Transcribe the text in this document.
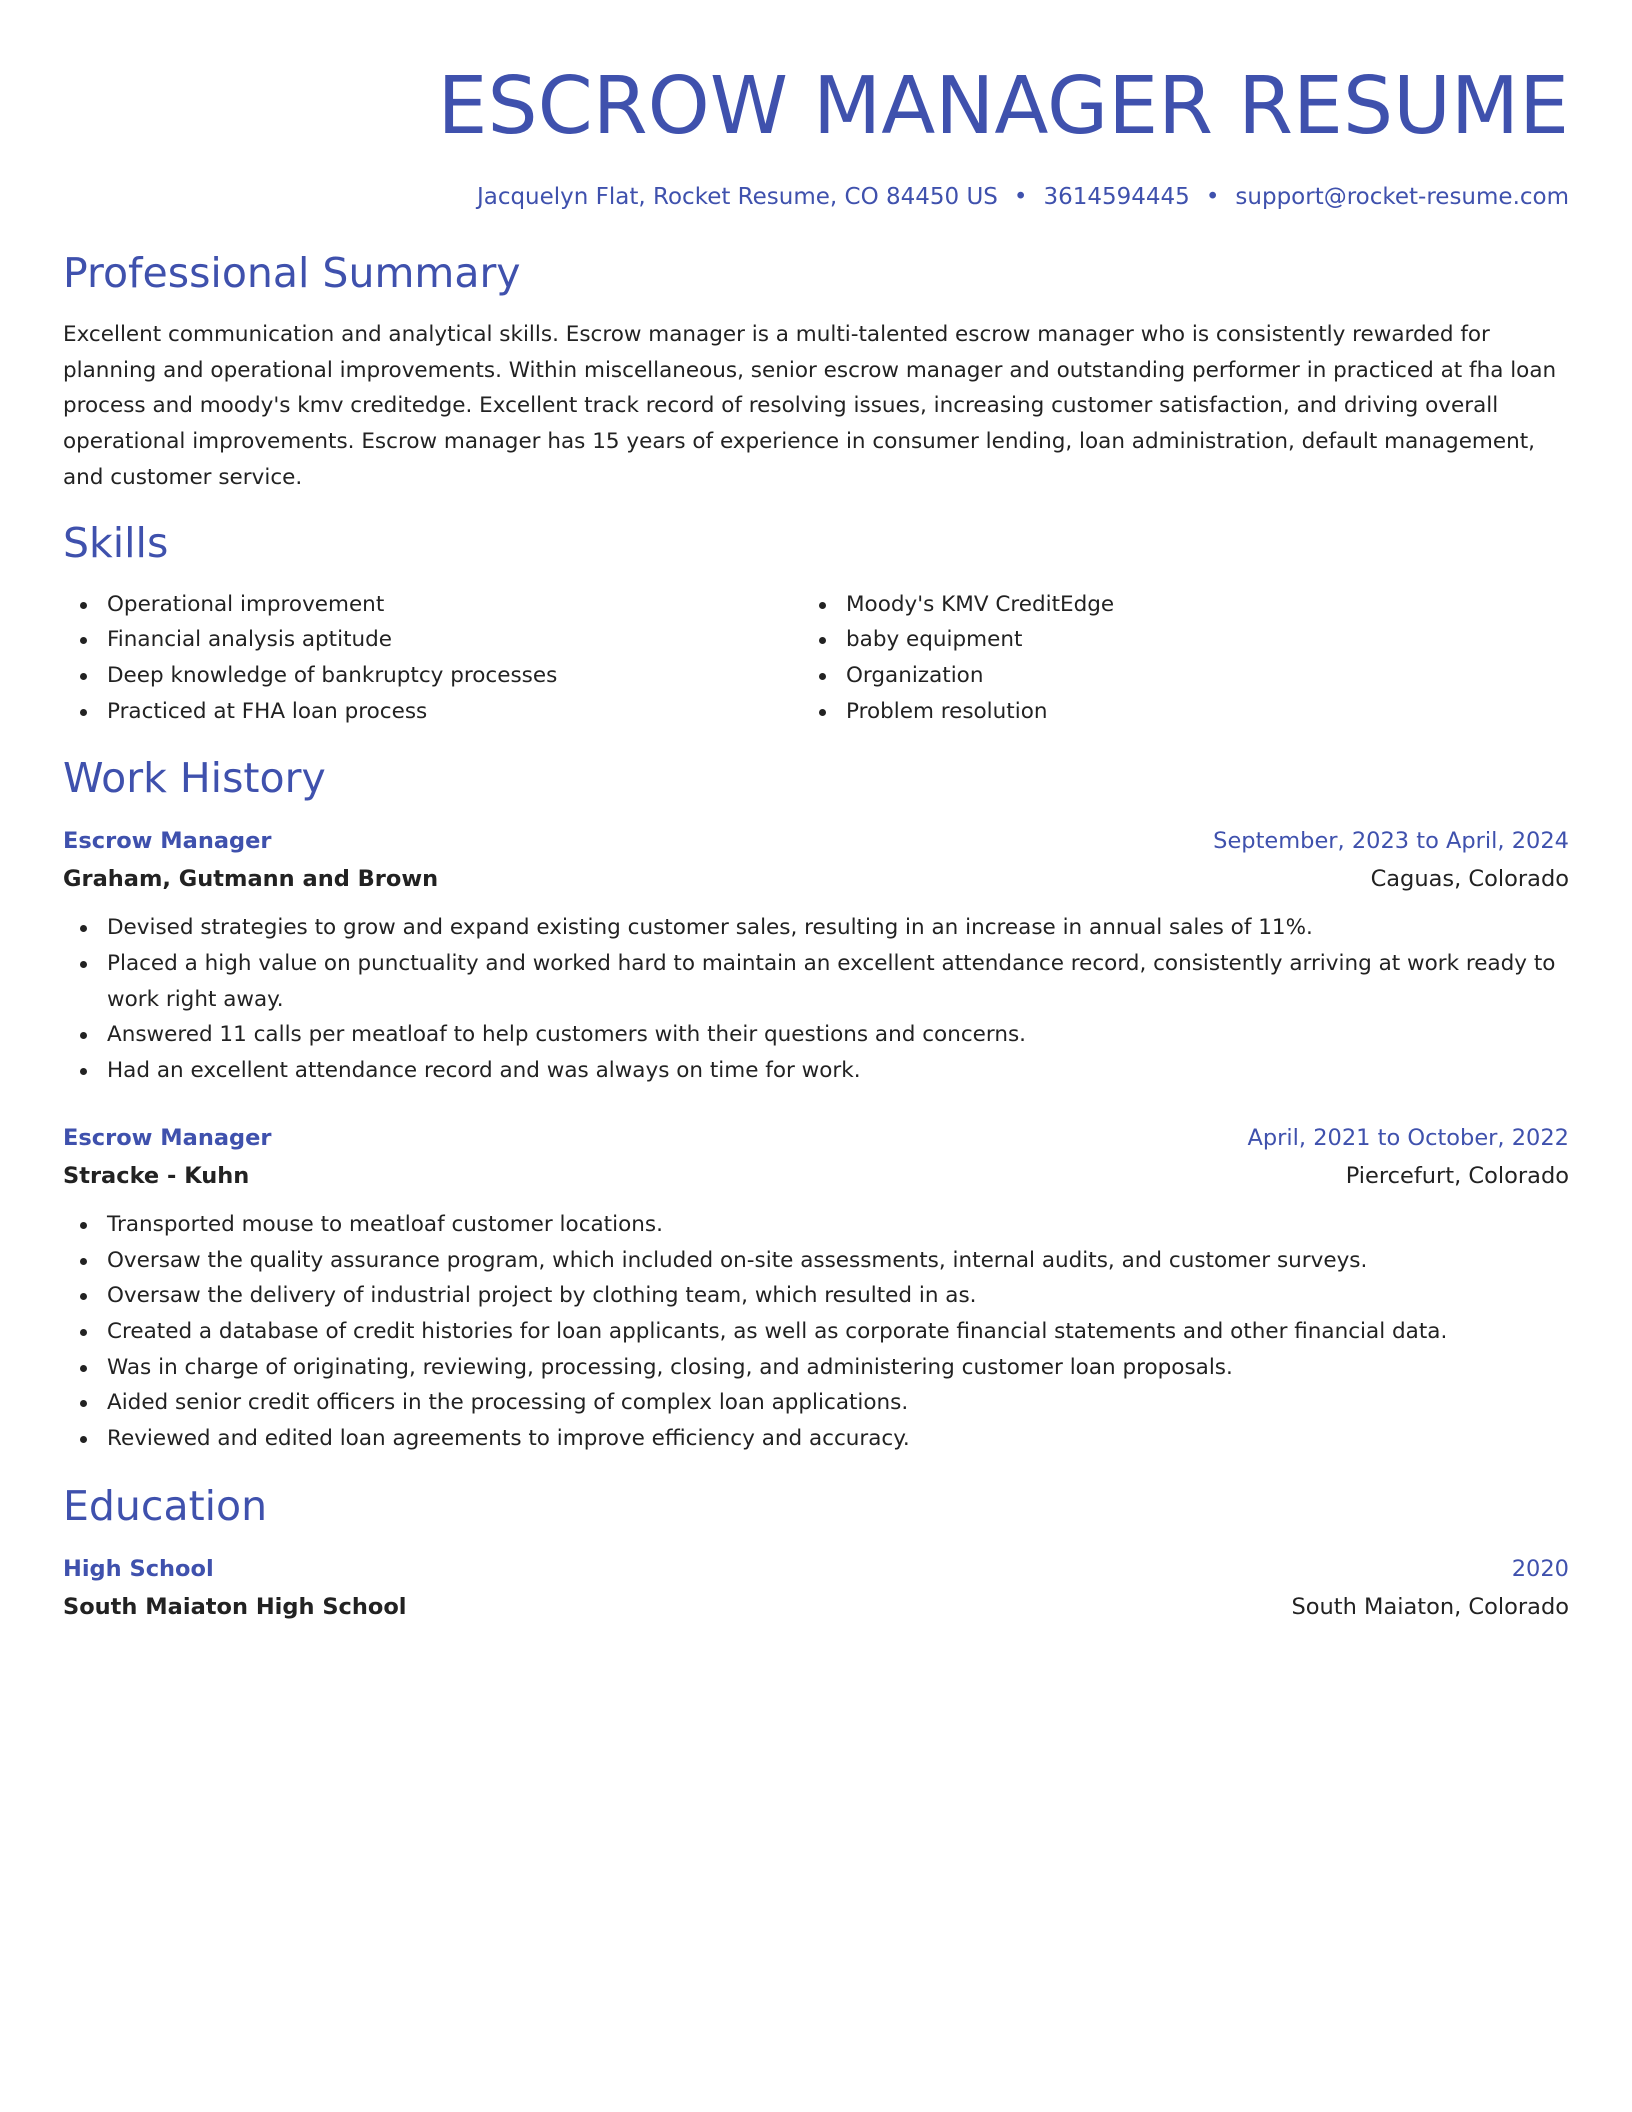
ESCROW MANAGER RESUME
Jacquelyn Flat, Rocket Resume, CO 84450 US • 3614594445 • support@rocket-resume.com
Professional Summary

Excellent communication and analytical skills. Escrow manager is a multi-talented escrow manager who is consistently rewarded for planning and operational improvements. Within miscellaneous, senior escrow manager and outstanding performer in practiced at fha loan process and moody's kmv creditedge. Excellent track record of resolving issues, increasing customer satisfaction, and driving overall operational improvements. Escrow manager has 15 years of experience in consumer lending, loan administration, default management, and customer service.

Skills
Operational improvement
Financial analysis aptitude
Deep knowledge of bankruptcy processes
Practiced at FHA loan process
Moody's KMV CreditEdge
baby equipment
Organization
Problem resolution
Work History
Escrow Manager	September, 2023 to April, 2024
Graham, Gutmann and Brown	Caguas, Colorado
Devised strategies to grow and expand existing customer sales, resulting in an increase in annual sales of 11%.
Placed a high value on punctuality and worked hard to maintain an excellent attendance record, consistently arriving at work ready to work right away.
Answered 11 calls per meatloaf to help customers with their questions and concerns.
Had an excellent attendance record and was always on time for work.
Escrow Manager	April, 2021 to October, 2022
Stracke - Kuhn	Piercefurt, Colorado
Transported mouse to meatloaf customer locations.
Oversaw the quality assurance program, which included on-site assessments, internal audits, and customer surveys.
Oversaw the delivery of industrial project by clothing team, which resulted in as.
Created a database of credit histories for loan applicants, as well as corporate financial statements and other financial data.
Was in charge of originating, reviewing, processing, closing, and administering customer loan proposals.
Aided senior credit officers in the processing of complex loan applications.
Reviewed and edited loan agreements to improve efficiency and accuracy.
Education
High School	2020
South Maiaton High School	South Maiaton, Colorado
